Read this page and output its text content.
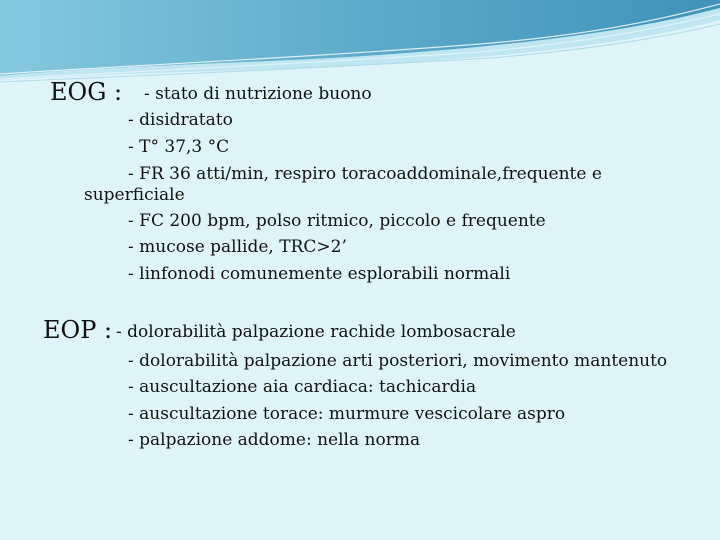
EOG : - stato di nutrizione buono
- disidratato
- T° 37,3 °C
- FR 36 atti/min, respiro toracoaddominale,frequente e
superficiale
- FC 200 bpm, polso ritmico, piccolo e frequente
- mucose pallide, TRC>2’
- linfonodi comunemente esplorabili normali
EOP : - dolorabilità palpazione rachide lombosacrale
- dolorabilità palpazione arti posteriori, movimento mantenuto
- auscultazione aia cardiaca: tachicardia
- auscultazione torace: murmure vescicolare aspro
- palpazione addome: nella norma
